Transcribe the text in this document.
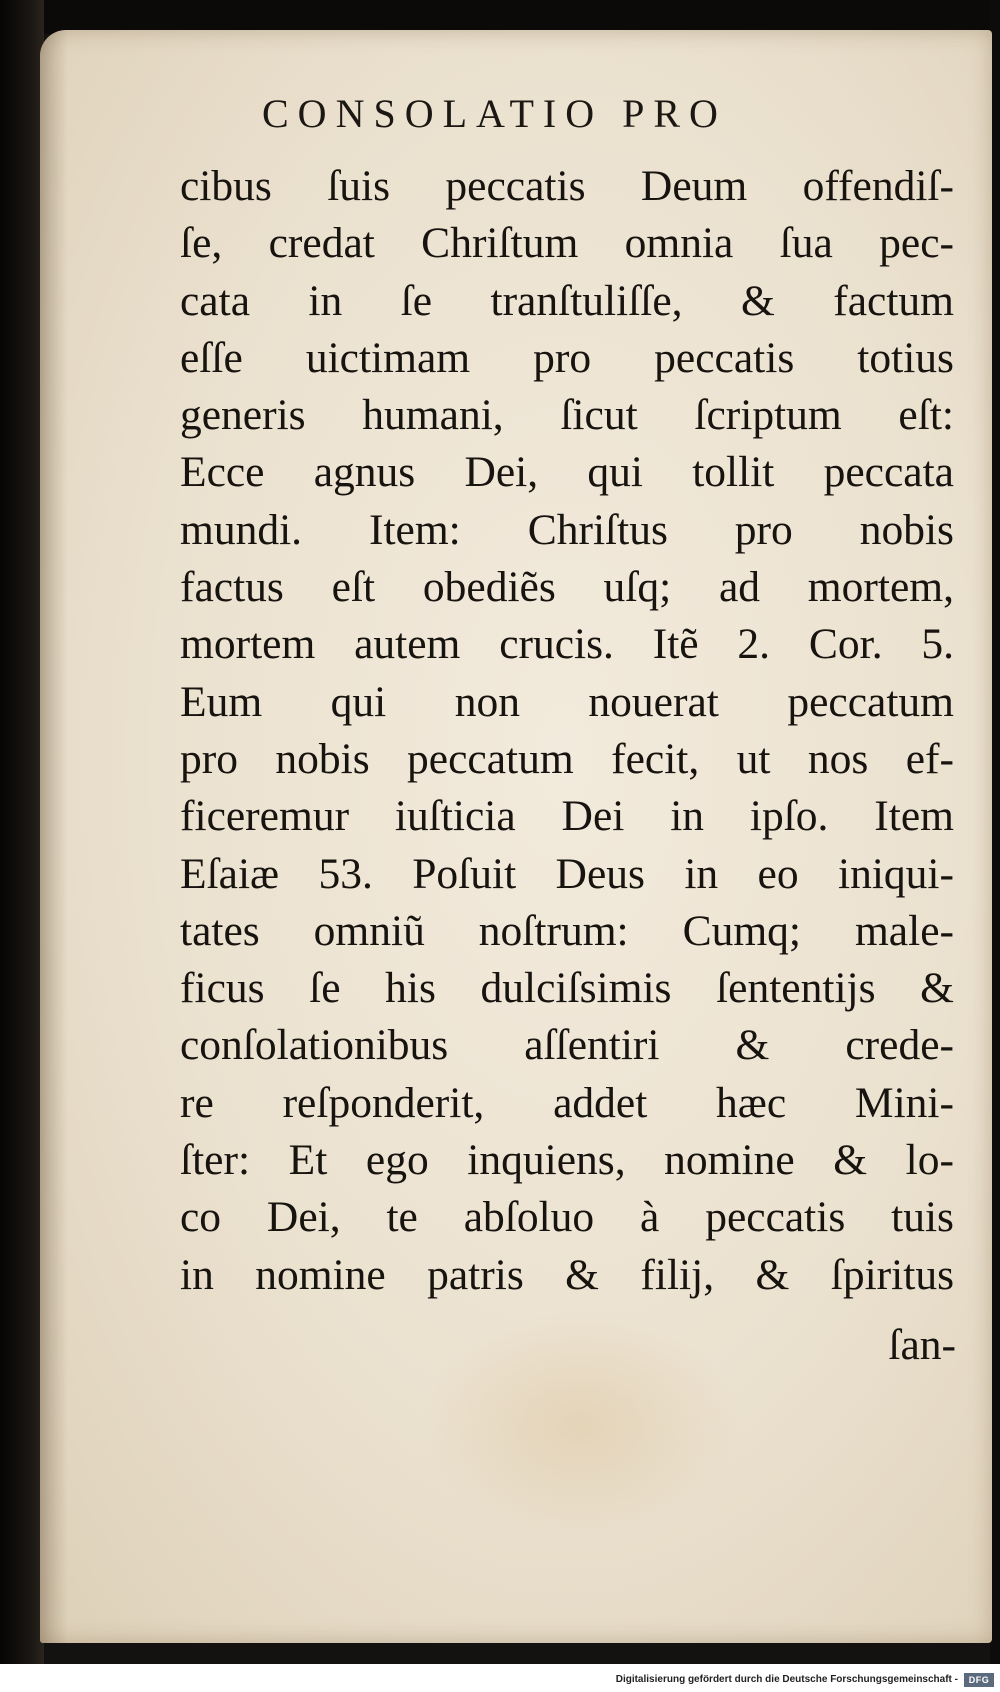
CONSOLATIO PRO
cibus ſuis peccatis Deum offendiſ-
ſe, credat Chriſtum omnia ſua pec-
cata in ſe tranſtuliſſe, & factum
eſſe uictimam pro peccatis totius
generis humani, ſicut ſcriptum eſt:
Ecce agnus Dei, qui tollit peccata
mundi. Item: Chriſtus pro nobis
factus eſt obediẽs uſq; ad mortem,
mortem autem crucis. Itẽ 2. Cor. 5.
Eum qui non nouerat peccatum
pro nobis peccatum fecit, ut nos ef-
ficeremur iuſticia Dei in ipſo. Item
Eſaiæ 53. Poſuit Deus in eo iniqui-
tates omniũ noſtrum: Cumq; male-
ficus ſe his dulciſsimis ſententijs &
conſolationibus aſſentiri & crede-
re reſponderit, addet hæc Mini-
ſter: Et ego inquiens, nomine & lo-
co Dei, te abſoluo à peccatis tuis
in nomine patris & filij, & ſpiritus
ſan-
Digitalisierung gefördert durch die Deutsche Forschungsgemeinschaft -	DFG
